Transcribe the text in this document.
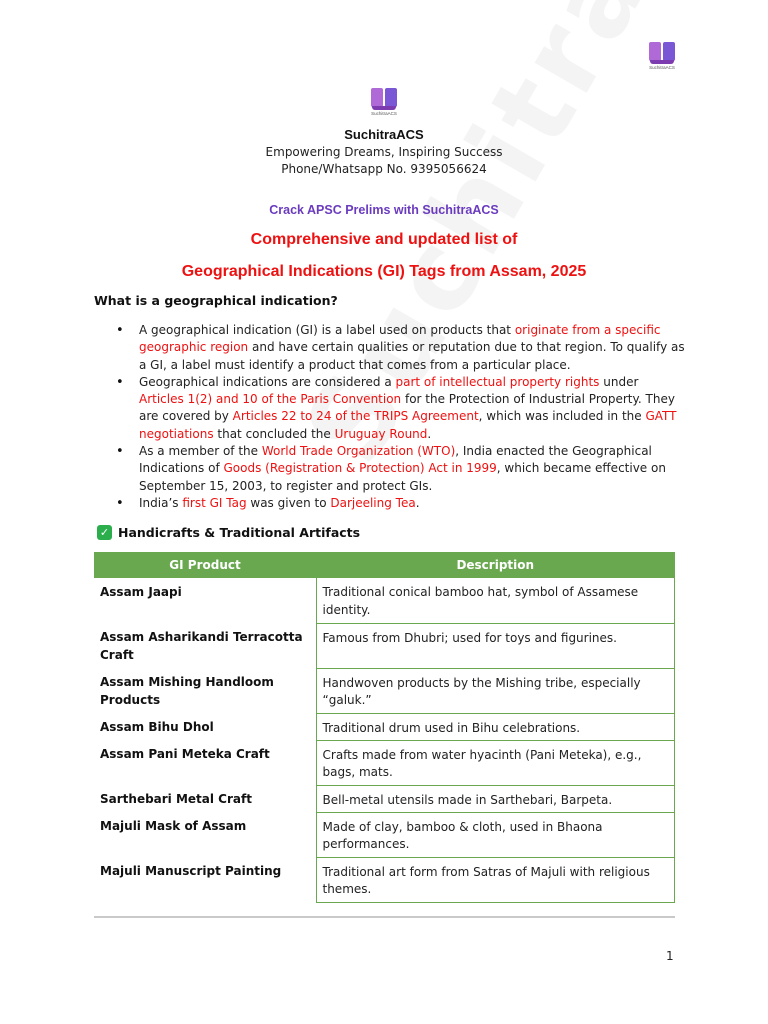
SuchitraACS
SuchitraACS
SuchitraACS
Empowering Dreams, Inspiring Success
Phone/Whatsapp No. 9395056624
Crack APSC Prelims with SuchitraACS
Comprehensive and updated list of
Geographical Indications (GI) Tags from Assam, 2025
What is a geographical indication?
• A geographical indication (GI) is a label used on products that originate from a specific geographic region and have certain qualities or reputation due to that region. To qualify as a GI, a label must identify a product that comes from a particular place.
• Geographical indications are considered a part of intellectual property rights under Articles 1(2) and 10 of the Paris Convention for the Protection of Industrial Property. They are covered by Articles 22 to 24 of the TRIPS Agreement, which was included in the GATT negotiations that concluded the Uruguay Round.
• As a member of the World Trade Organization (WTO), India enacted the Geographical Indications of Goods (Registration & Protection) Act in 1999, which became effective on September 15, 2003, to register and protect GIs.
• India’s first GI Tag was given to Darjeeling Tea.
✓ Handicrafts & Traditional Artifacts
GI Product	Description
Assam Jaapi	Traditional conical bamboo hat, symbol of Assamese identity.
Assam Asharikandi Terracotta Craft	Famous from Dhubri; used for toys and figurines.
Assam Mishing Handloom Products	Handwoven products by the Mishing tribe, especially “galuk.”
Assam Bihu Dhol	Traditional drum used in Bihu celebrations.
Assam Pani Meteka Craft	Crafts made from water hyacinth (Pani Meteka), e.g., bags, mats.
Sarthebari Metal Craft	Bell-metal utensils made in Sarthebari, Barpeta.
Majuli Mask of Assam	Made of clay, bamboo & cloth, used in Bhaona performances.
Majuli Manuscript Painting	Traditional art form from Satras of Majuli with religious themes.
1
